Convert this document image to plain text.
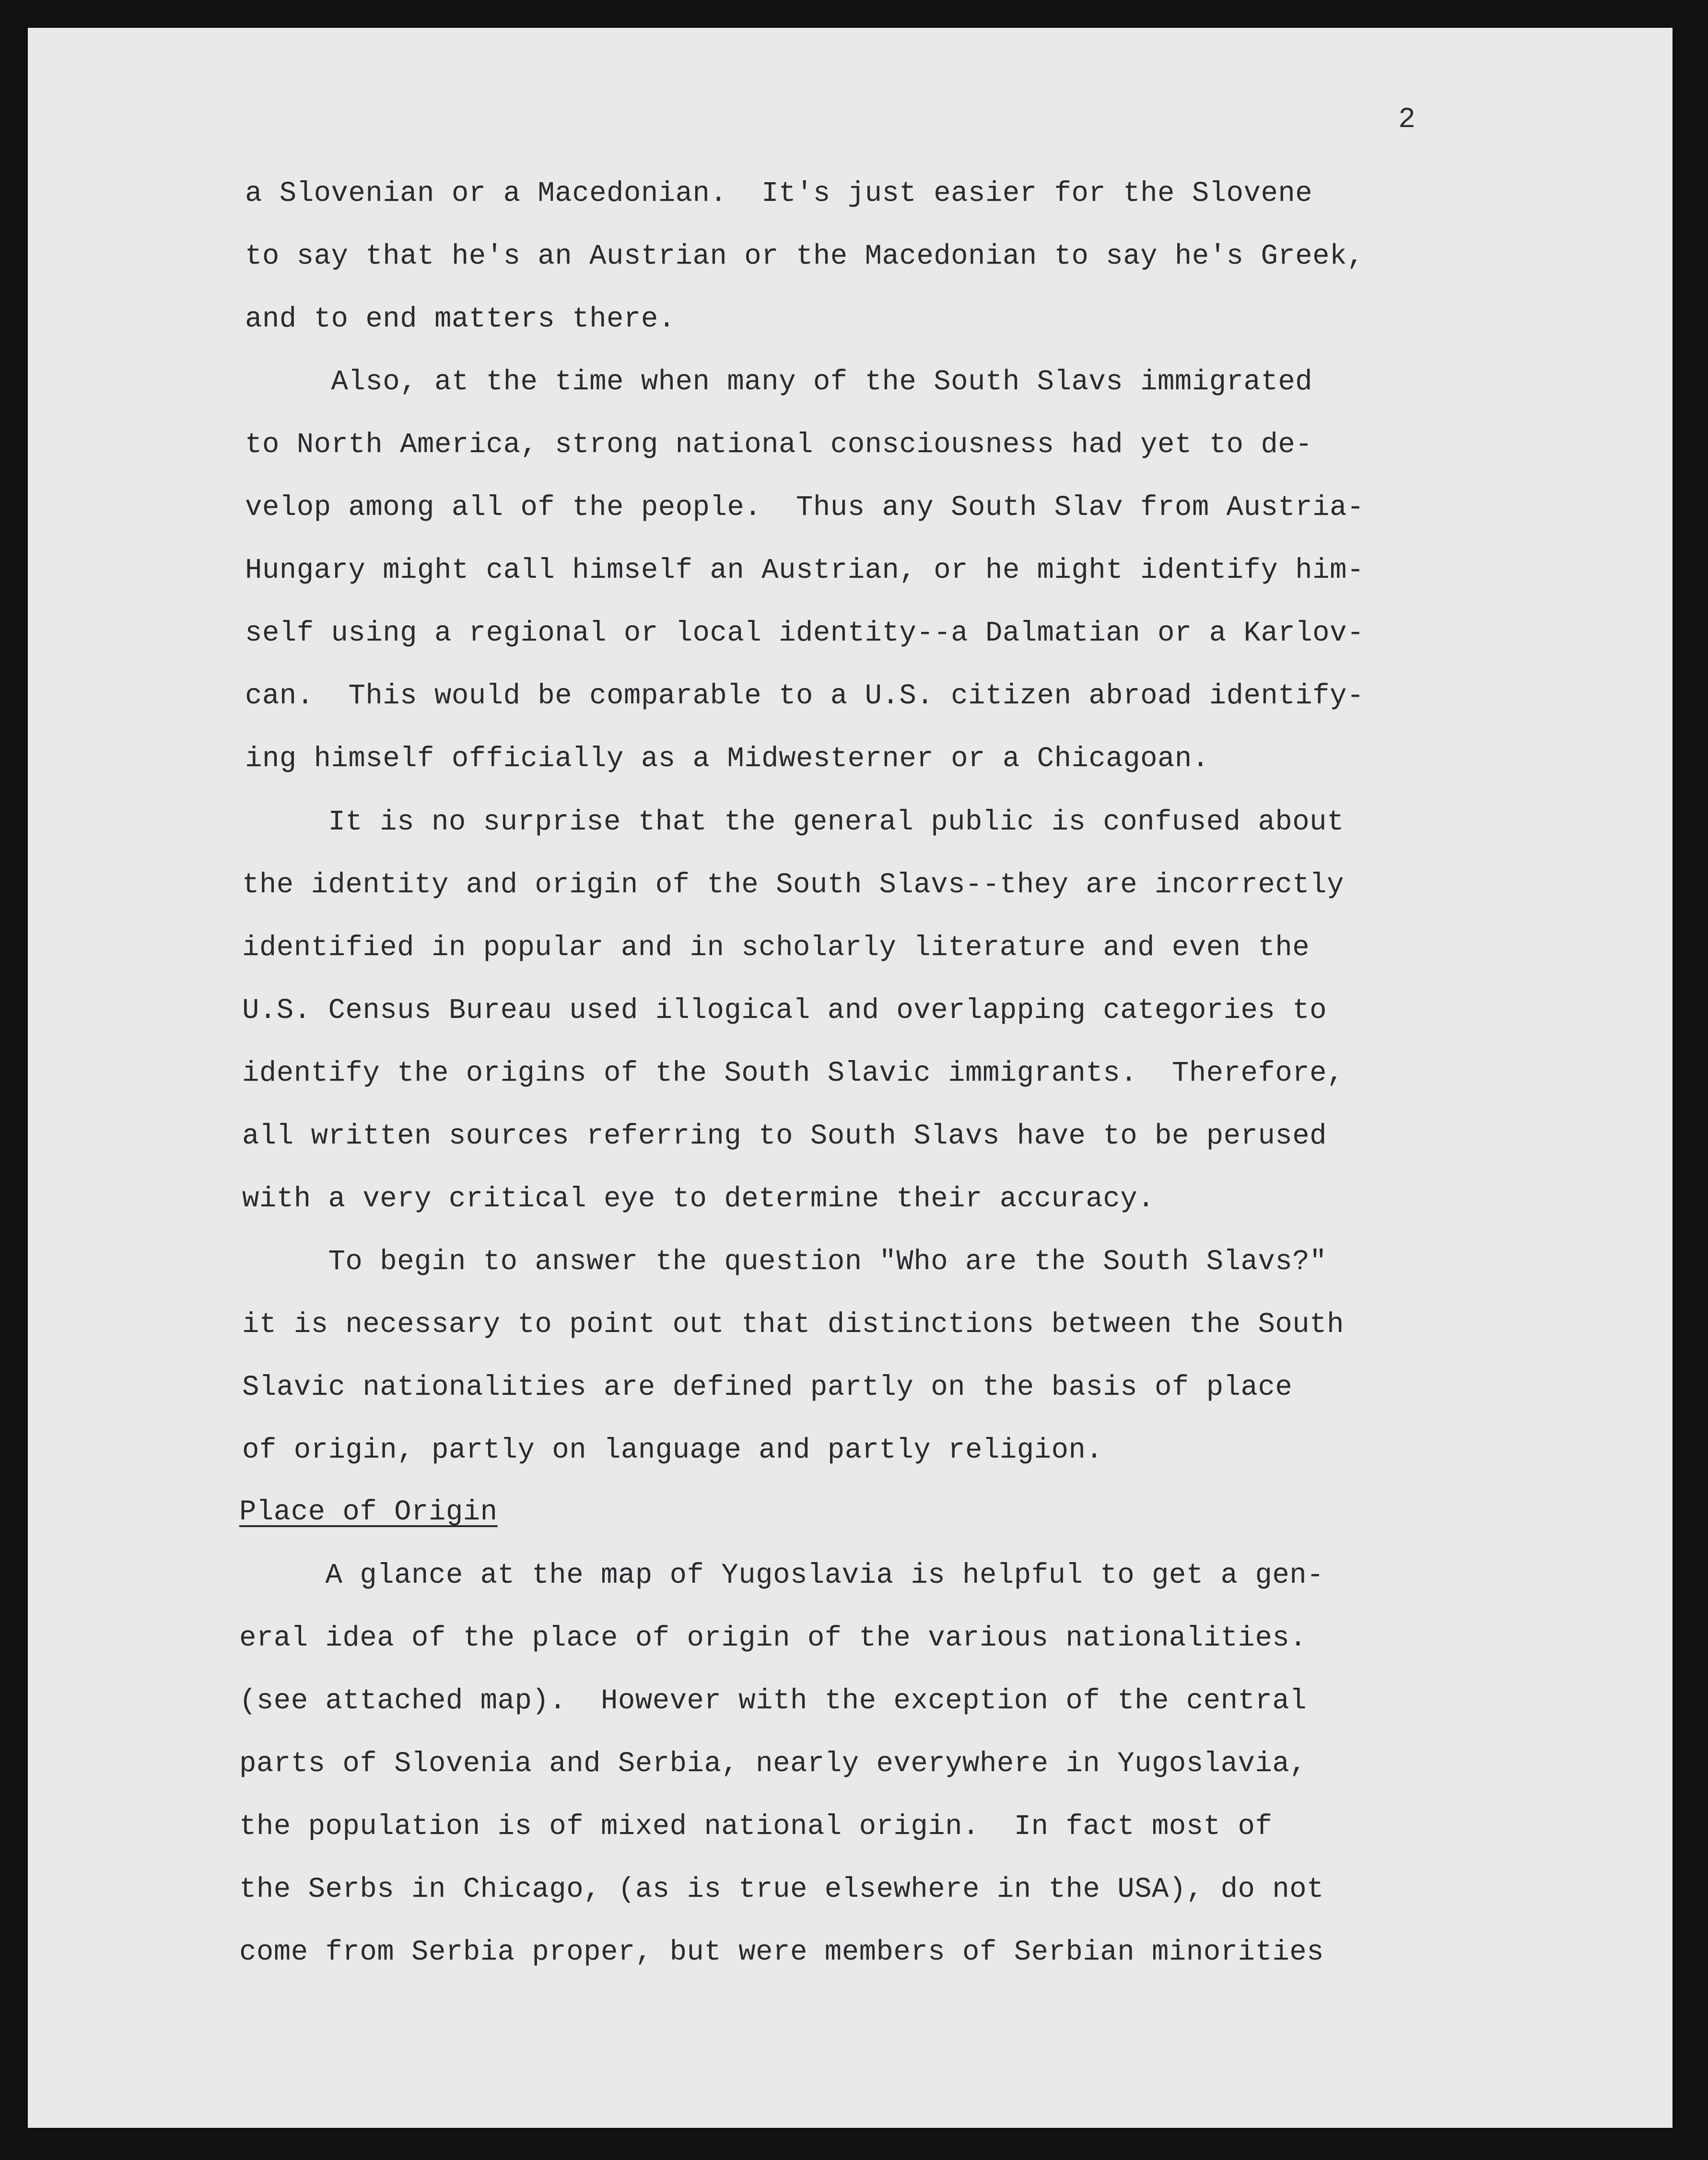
2
a Slovenian or a Macedonian.  It's just easier for the Slovene
to say that he's an Austrian or the Macedonian to say he's Greek,
and to end matters there.
Also, at the time when many of the South Slavs immigrated
to North America, strong national consciousness had yet to de-
velop among all of the people.  Thus any South Slav from Austria-
Hungary might call himself an Austrian, or he might identify him-
self using a regional or local identity--a Dalmatian or a Karlov-
can.  This would be comparable to a U.S. citizen abroad identify-
ing himself officially as a Midwesterner or a Chicagoan.
It is no surprise that the general public is confused about
the identity and origin of the South Slavs--they are incorrectly
identified in popular and in scholarly literature and even the
U.S. Census Bureau used illogical and overlapping categories to
identify the origins of the South Slavic immigrants.  Therefore,
all written sources referring to South Slavs have to be perused
with a very critical eye to determine their accuracy.
To begin to answer the question "Who are the South Slavs?"
it is necessary to point out that distinctions between the South
Slavic nationalities are defined partly on the basis of place
of origin, partly on language and partly religion.
Place of Origin
A glance at the map of Yugoslavia is helpful to get a gen-
eral idea of the place of origin of the various nationalities.
(see attached map).  However with the exception of the central
parts of Slovenia and Serbia, nearly everywhere in Yugoslavia,
the population is of mixed national origin.  In fact most of
the Serbs in Chicago, (as is true elsewhere in the USA), do not
come from Serbia proper, but were members of Serbian minorities
